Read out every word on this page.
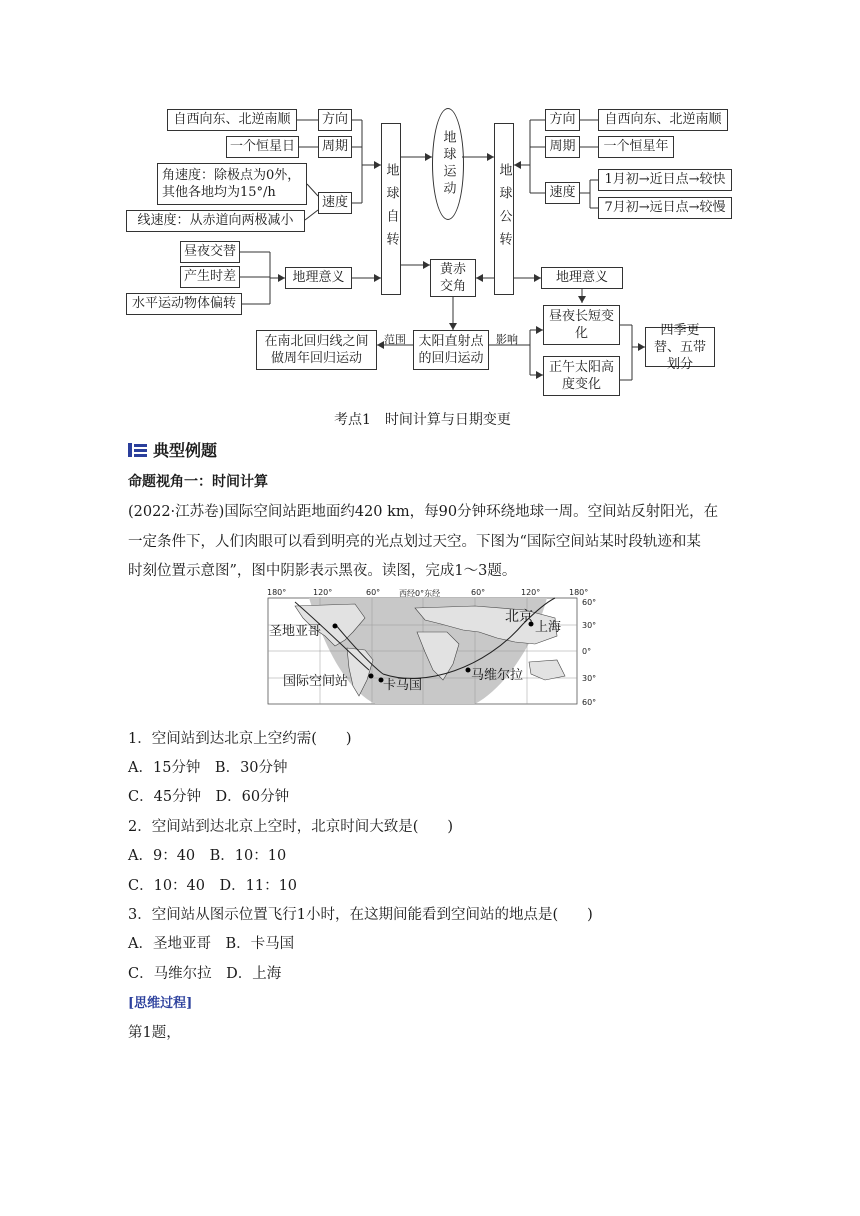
自西向东、北逆南顺 方向
一个恒星日 周期
角速度：除极点为0外，其他各地均为15°/h
速度
线速度：从赤道向两极减小
昼夜交替
产生时差
水平运动物体偏转
地理意义
地球自转	地球运动	地球公转
方向 自西向东、北逆南顺
周期 一个恒星年
速度
1月初→近日点→较快
7月初→远日点→较慢
黄赤交角
地理意义
昼夜长短变化
正午太阳高度变化
四季更替、五带划分
太阳直射点的回归运动
在南北回归线之间做周年回归运动
范围	影响
考点1　时间计算与日期变更
典型例题
命题视角一：时间计算
(2022·江苏卷)国际空间站距地面约420 km，每90分钟环绕地球一周。空间站反射阳光，在
一定条件下，人们肉眼可以看到明亮的光点划过天空。下图为“国际空间站某时段轨迹和某
时刻位置示意图”，图中阴影表示黑夜。读图，完成1～3题。
180°	120°	60° 西经0°东经	60°	120°	180°
60°
30°
0°
30°
60°
圣地亚哥
北京
上海
国际空间站	卡马国
马维尔拉
1．空间站到达北京上空约需(　　)
A．15分钟　B．30分钟
C．45分钟　D．60分钟
2．空间站到达北京上空时，北京时间大致是(　　)
A．9：40　B．10：10
C．10：40　D．11：10
3．空间站从图示位置飞行1小时，在这期间能看到空间站的地点是(　　)
A．圣地亚哥　B．卡马国
C．马维尔拉　D．上海
[思维过程]
第1题，
